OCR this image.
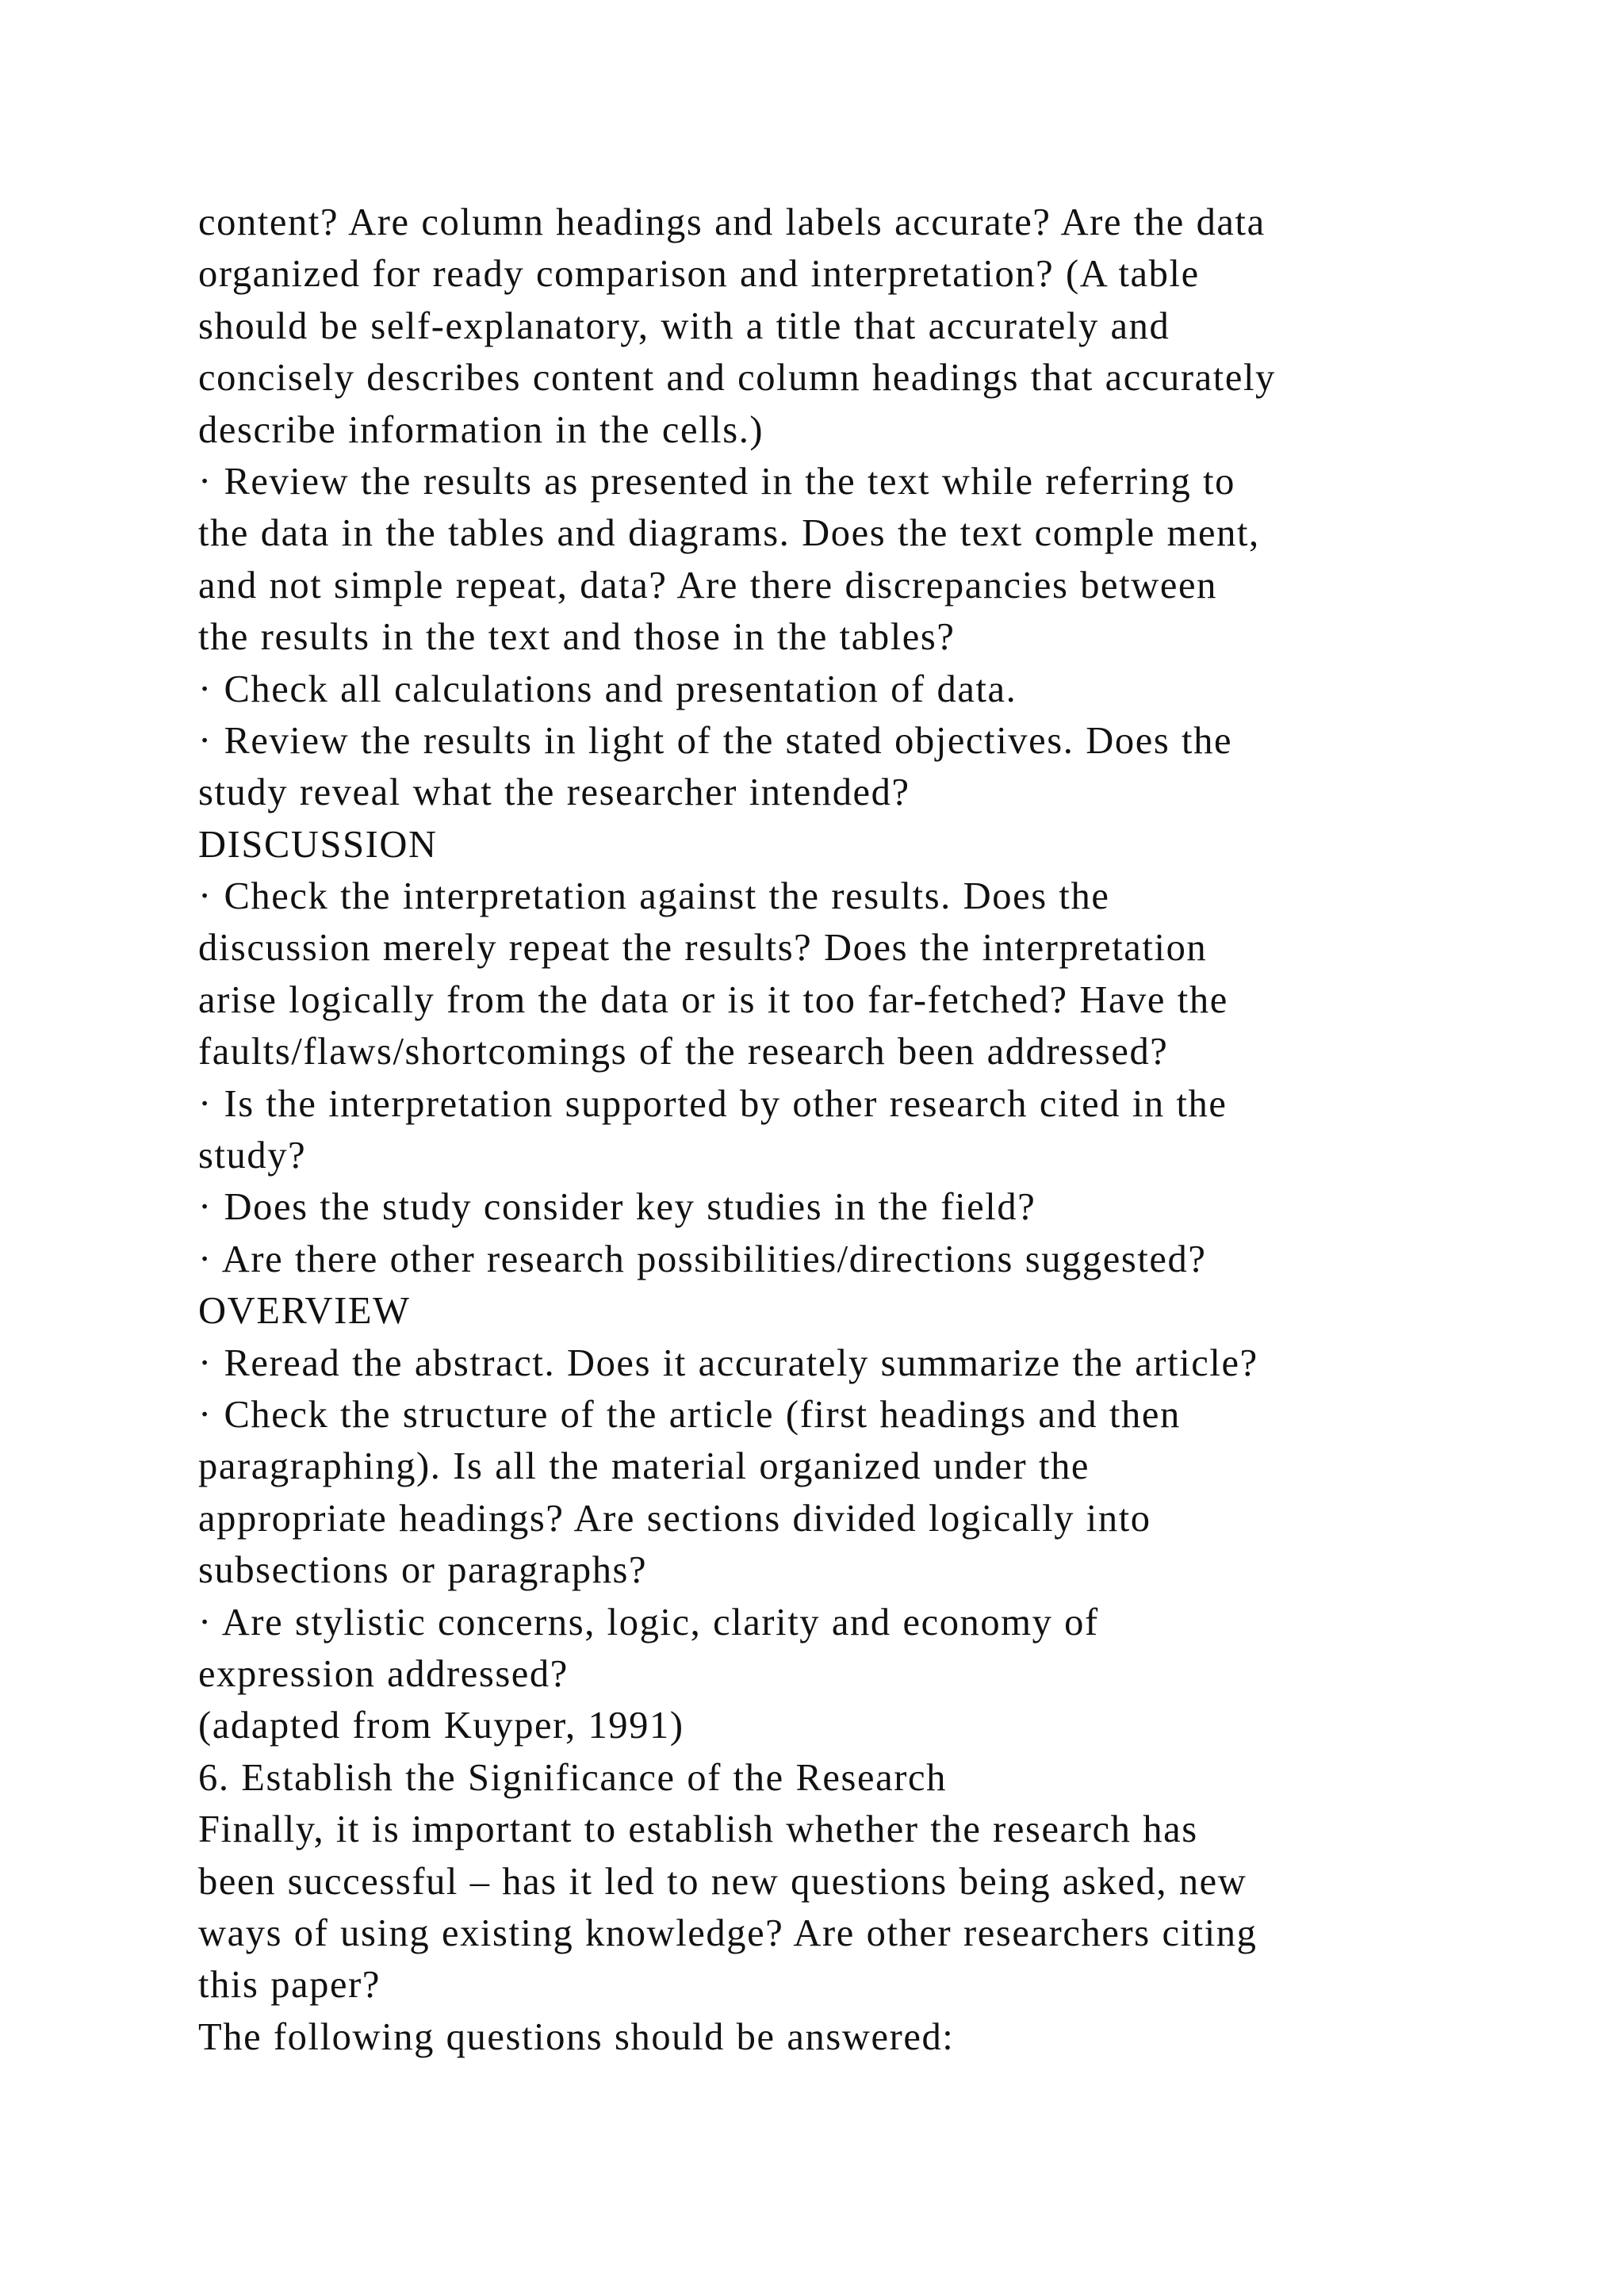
content? Are column headings and labels accurate? Are the data
organized for ready comparison and interpretation? (A table
should be self-explanatory, with a title that accurately and
concisely describes content and column headings that accurately
describe information in the cells.)
· Review the results as presented in the text while referring to
the data in the tables and diagrams. Does the text comple ment,
and not simple repeat, data? Are there discrepancies between
the results in the text and those in the tables?
· Check all calculations and presentation of data.
· Review the results in light of the stated objectives. Does the
study reveal what the researcher intended?
DISCUSSION
· Check the interpretation against the results. Does the
discussion merely repeat the results? Does the interpretation
arise logically from the data or is it too far-fetched? Have the
faults/flaws/shortcomings of the research been addressed?
· Is the interpretation supported by other research cited in the
study?
· Does the study consider key studies in the field?
· Are there other research possibilities/directions suggested?
OVERVIEW
· Reread the abstract. Does it accurately summarize the article?
· Check the structure of the article (first headings and then
paragraphing). Is all the material organized under the
appropriate headings? Are sections divided logically into
subsections or paragraphs?
· Are stylistic concerns, logic, clarity and economy of
expression addressed?
(adapted from Kuyper, 1991)
6. Establish the Significance of the Research
Finally, it is important to establish whether the research has
been successful – has it led to new questions being asked, new
ways of using existing knowledge? Are other researchers citing
this paper?
The following questions should be answered:
